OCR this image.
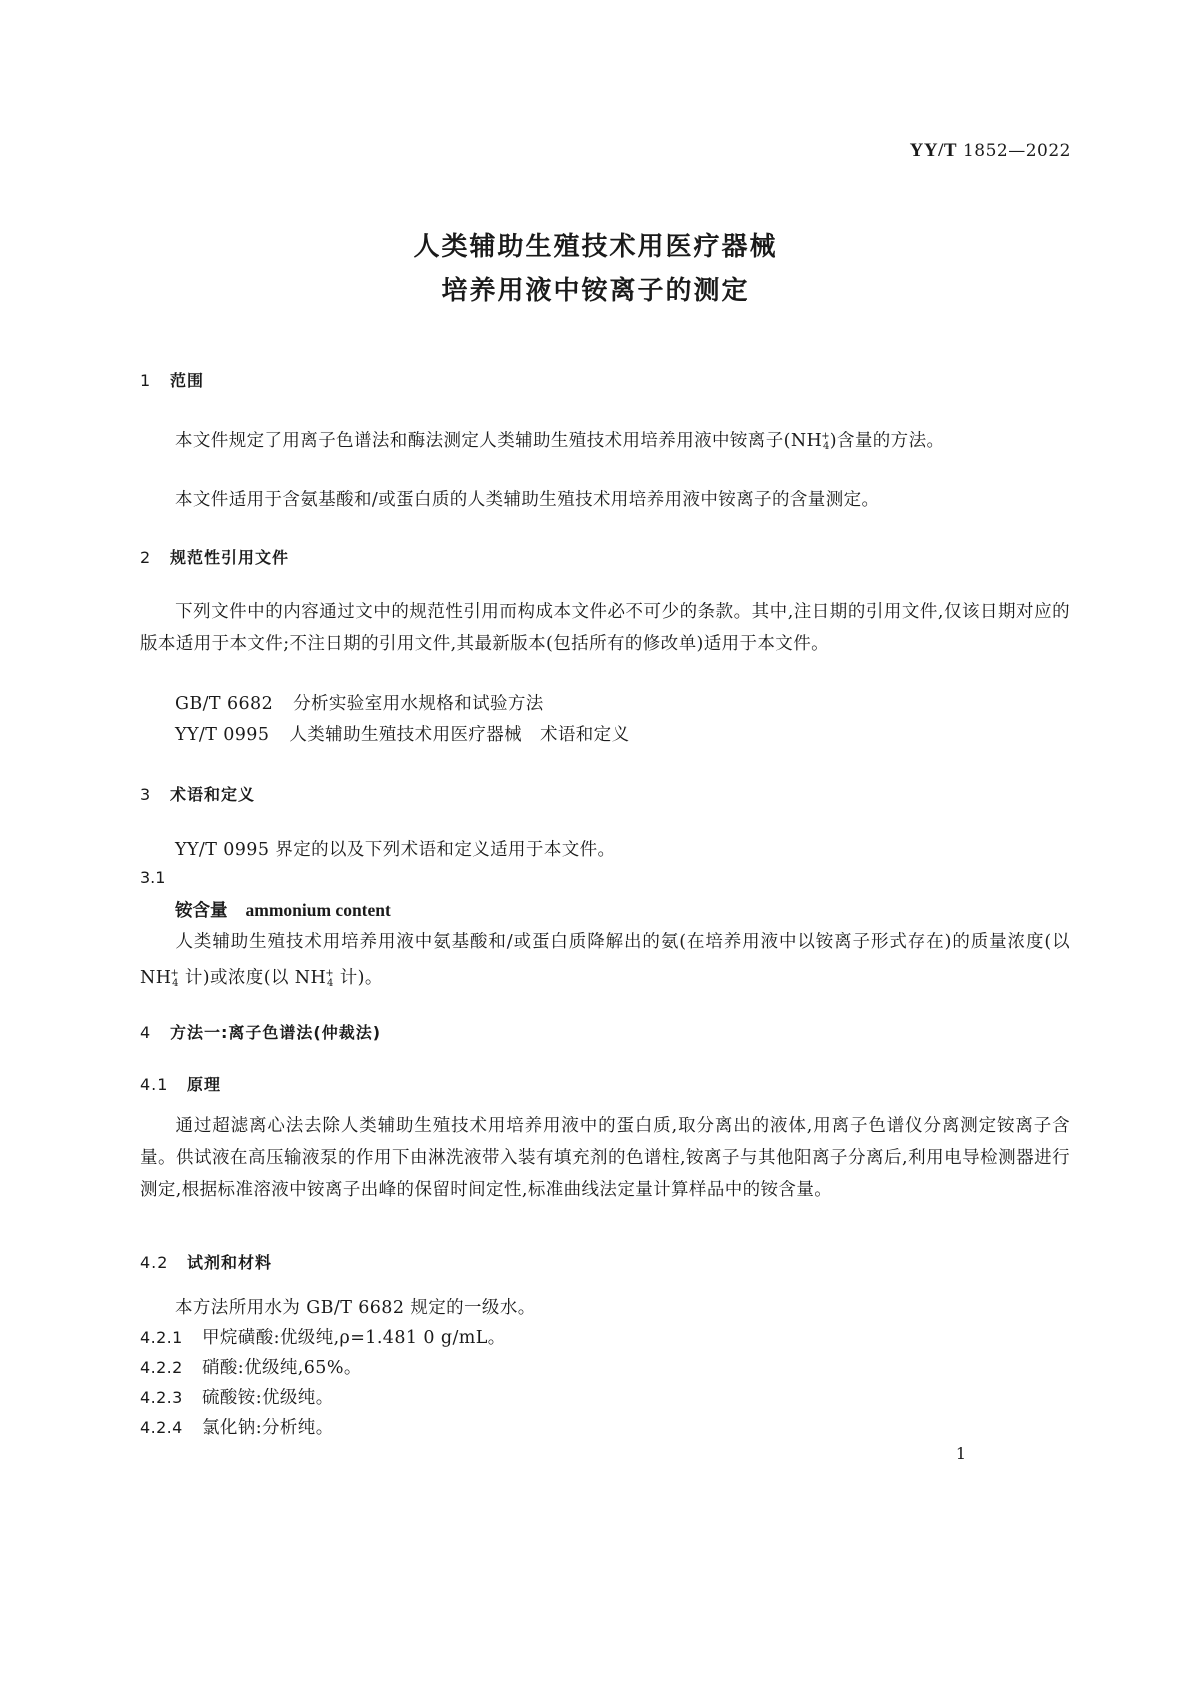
YY/T 1852—2022
人类辅助生殖技术用医疗器械
培养用液中铵离子的测定
1 范围
本文件规定了用离子色谱法和酶法测定人类辅助生殖技术用培养用液中铵离子$(NH^+_4)$含量的方法。
本文件适用于含氨基酸和/或蛋白质的人类辅助生殖技术用培养用液中铵离子的含量测定。
2 规范性引用文件
下列文件中的内容通过文中的规范性引用而构成本文件必不可少的条款。其中,注日期的引用文件,仅该日期对应的版本适用于本文件;不注日期的引用文件,其最新版本(包括所有的修改单)适用于本文件。
GB/T 6682 分析实验室用水规格和试验方法
YY/T 0995 人类辅助生殖技术用医疗器械　术语和定义
3 术语和定义
YY/T 0995 界定的以及下列术语和定义适用于本文件。
3.1
铵含量 ammonium content
人类辅助生殖技术用培养用液中氨基酸和/或蛋白质降解出的氨(在培养用液中以铵离子形式存在)的质量浓度(以 $NH^+_4$ 计)或浓度(以 $NH^+_4$ 计)。
4 方法一:离子色谱法(仲裁法)
4.1 原理
通过超滤离心法去除人类辅助生殖技术用培养用液中的蛋白质,取分离出的液体,用离子色谱仪分离测定铵离子含量。供试液在高压输液泵的作用下由淋洗液带入装有填充剂的色谱柱,铵离子与其他阳离子分离后,利用电导检测器进行测定,根据标准溶液中铵离子出峰的保留时间定性,标准曲线法定量计算样品中的铵含量。
4.2 试剂和材料
本方法所用水为 GB/T 6682 规定的一级水。
4.2.1 甲烷磺酸:优级纯,ρ=1.481 0 g/mL。
4.2.2 硝酸:优级纯,65%。
4.2.3 硫酸铵:优级纯。
4.2.4 氯化钠:分析纯。
1
